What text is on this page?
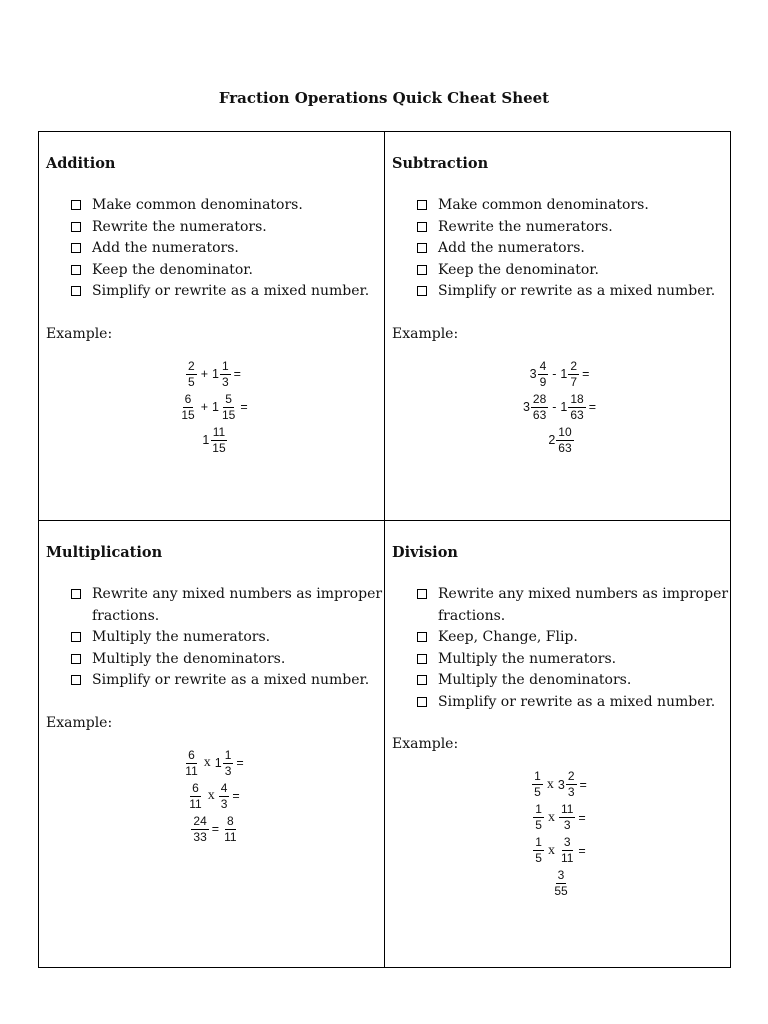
Fraction Operations Quick Cheat Sheet
Addition
Make common denominators.
Rewrite the numerators.
Add the numerators.
Keep the denominator.
Simplify or rewrite as a mixed number.
Example:
$\frac{2}{5} + 1 \frac{1}{3}$ =
$\frac{6}{15} + 1 \frac{5}{15}$ =
$1 \frac{11}{15}$
Subtraction
Make common denominators.
Rewrite the numerators.
Add the numerators.
Keep the denominator.
Simplify or rewrite as a mixed number.
Example:
$3 \frac{4}{9} - 1 \frac{2}{7}$ =
$3 \frac{28}{63} - 1 \frac{18}{63}$ =
$2 \frac{10}{63}$
Multiplication
Rewrite any mixed numbers as improper fractions.
Multiply the numerators.
Multiply the denominators.
Simplify or rewrite as a mixed number.
Example:
$\frac{6}{11}$ x $1 \frac{1}{3}$ =
$\frac{6}{11}$ x $\frac{4}{3}$ =
$\frac{24}{33} = \frac{8}{11}$
Division
Rewrite any mixed numbers as improper fractions.
Keep, Change, Flip.
Multiply the numerators.
Multiply the denominators.
Simplify or rewrite as a mixed number.
Example:
$\frac{1}{5}$ x $3 \frac{2}{3}$ =
$\frac{1}{5}$ x $\frac{11}{3}$ =
$\frac{1}{5}$ x $\frac{3}{11}$ =
$\frac{3}{55}$
